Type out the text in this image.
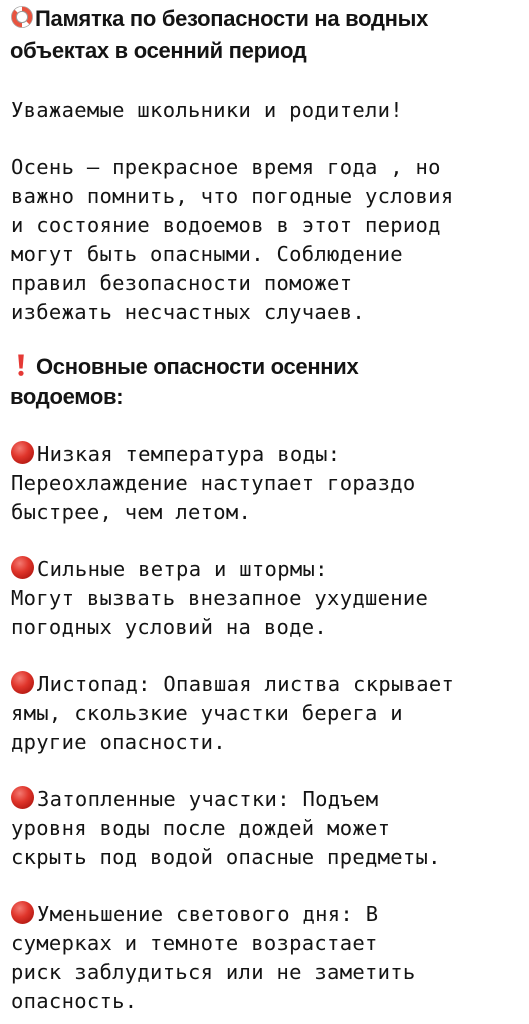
Памятка по безопасности на водных
объектах в осенний период
Уважаемые школьники и родители!
Осень – прекрасное время года , но
важно помнить, что погодные условия
и состояние водоемов в этот период
могут быть опасными. Соблюдение
правил безопасности поможет
избежать несчастных случаев.
Основные опасности осенних
водоемов:
Низкая температура воды:
Переохлаждение наступает гораздо
быстрее, чем летом.
Сильные ветра и штормы:
Могут вызвать внезапное ухудшение
погодных условий на воде.
Листопад: Опавшая листва скрывает
ямы, скользкие участки берега и
другие опасности.
Затопленные участки: Подъем
уровня воды после дождей может
скрыть под водой опасные предметы.
Уменьшение светового дня: В
сумерках и темноте возрастает
риск заблудиться или не заметить
опасность.
